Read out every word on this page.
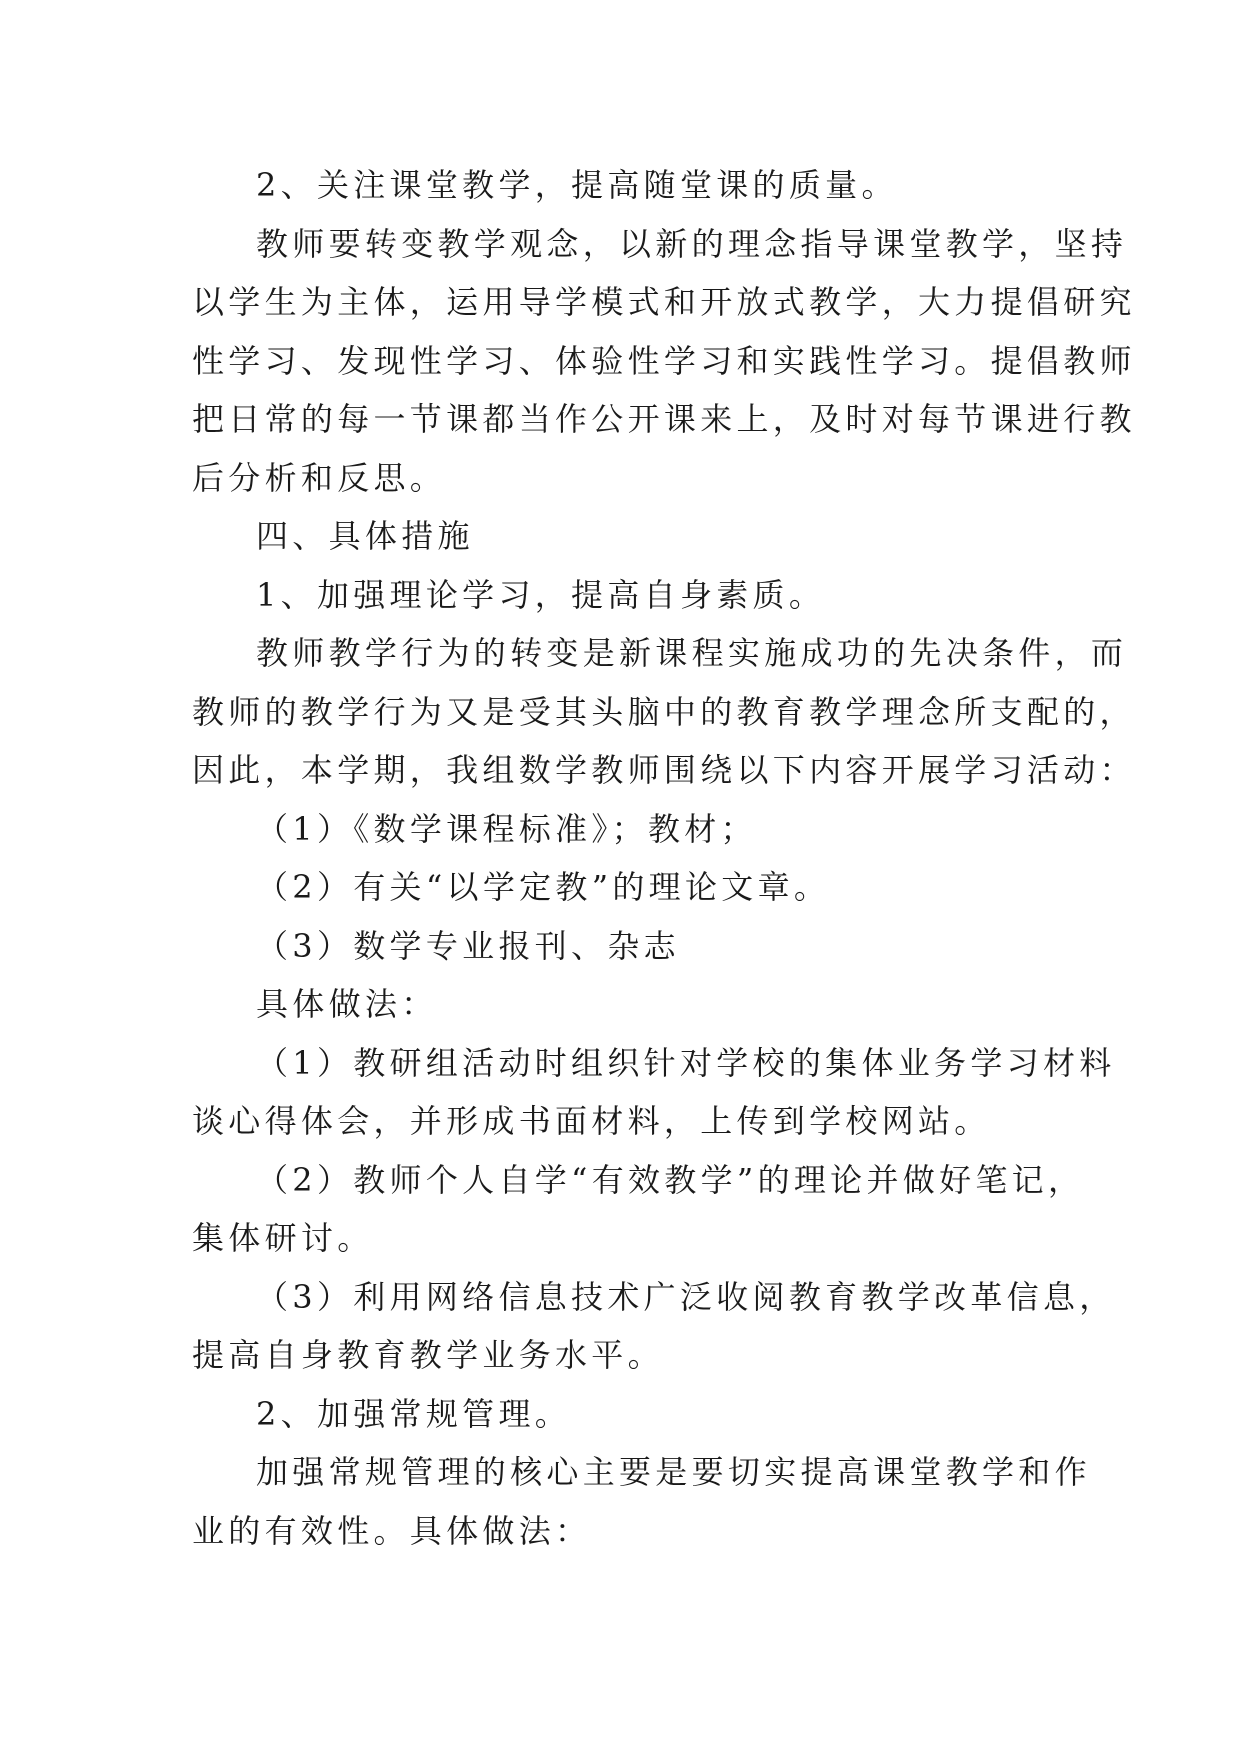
2、关注课堂教学，提高随堂课的质量。
教师要转变教学观念，以新的理念指导课堂教学，坚持
以学生为主体，运用导学模式和开放式教学，大力提倡研究
性学习、发现性学习、体验性学习和实践性学习。提倡教师
把日常的每一节课都当作公开课来上，及时对每节课进行教
后分析和反思。
四、具体措施
1、加强理论学习，提高自身素质。
教师教学行为的转变是新课程实施成功的先决条件，而
教师的教学行为又是受其头脑中的教育教学理念所支配的，
因此，本学期，我组数学教师围绕以下内容开展学习活动：
（1）《数学课程标准》；教材；
（2）有关“以学定教”的理论文章。
（3）数学专业报刊、杂志
具体做法：
（1）教研组活动时组织针对学校的集体业务学习材料
谈心得体会，并形成书面材料，上传到学校网站。
（2）教师个人自学“有效教学”的理论并做好笔记，
集体研讨。
（3）利用网络信息技术广泛收阅教育教学改革信息，
提高自身教育教学业务水平。
2、加强常规管理。
加强常规管理的核心主要是要切实提高课堂教学和作
业的有效性。具体做法：
